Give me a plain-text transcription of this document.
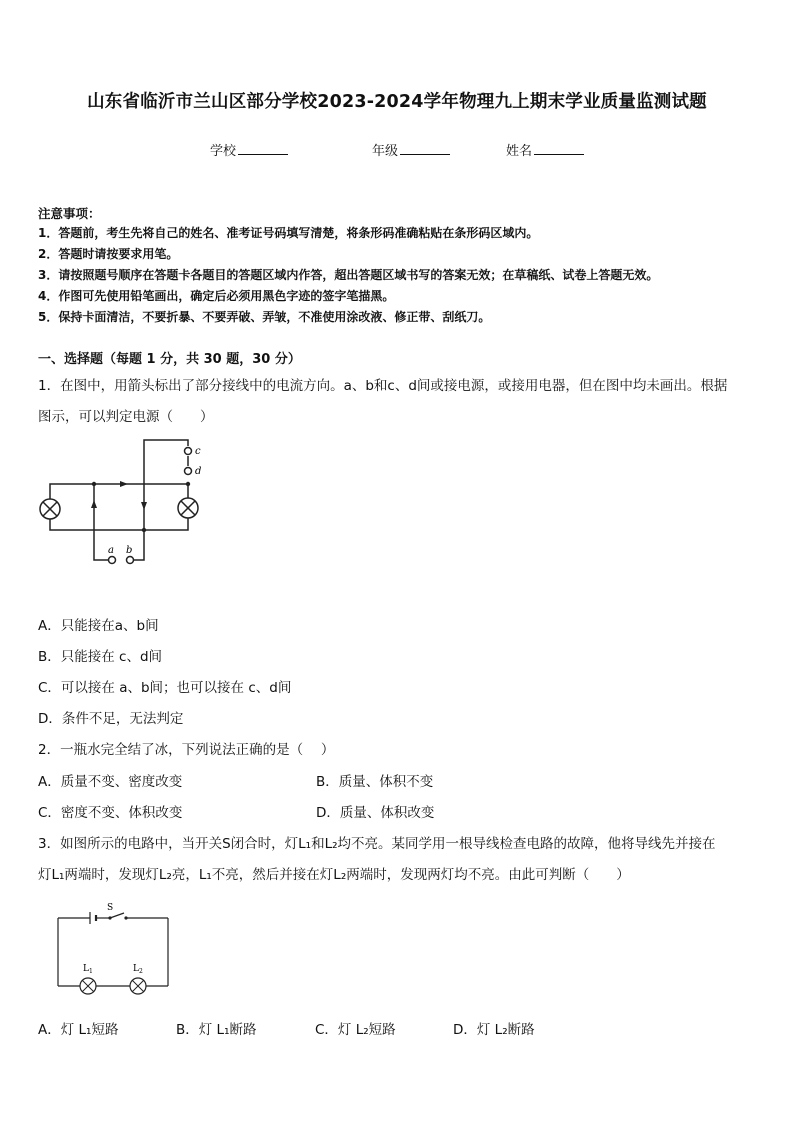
山东省临沂市兰山区部分学校2023-2024学年物理九上期末学业质量监测试题
学校	年级	姓名
注意事项：
1．答题前，考生先将自己的姓名、准考证号码填写清楚，将条形码准确粘贴在条形码区域内。
2．答题时请按要求用笔。
3．请按照题号顺序在答题卡各题目的答题区域内作答，超出答题区域书写的答案无效；在草稿纸、试卷上答题无效。
4．作图可先使用铅笔画出，确定后必须用黑色字迹的签字笔描黑。
5．保持卡面清洁，不要折暴、不要弄破、弄皱，不准使用涂改液、修正带、刮纸刀。
一、选择题（每题 1 分，共 30 题，30 分）
1．在图中，用箭头标出了部分接线中的电流方向。a、b和c、d间或接电源，或接用电器，但在图中均未画出。根据
图示，可以判定电源（　　）
c
d
a b
A．只能接在a、b间
B．只能接在 c、d间
C．可以接在 a、b间；也可以接在 c、d间
D．条件不足，无法判定
2．一瓶水完全结了冰，下列说法正确的是（　 ）
A．质量不变、密度改变	B．质量、体积不变
C．密度不变、体积改变	D．质量、体积改变
3．如图所示的电路中，当开关S闭合时，灯L₁和L₂均不亮。某同学用一根导线检查电路的故障，他将导线先并接在
灯L₁两端时，发现灯L₂亮，L₁不亮，然后并接在灯L₂两端时，发现两灯均不亮。由此可判断（　　）
S
$L_1$	$L_2$
A．灯 L₁短路	B．灯 L₁断路	C．灯 L₂短路	D．灯 L₂断路
